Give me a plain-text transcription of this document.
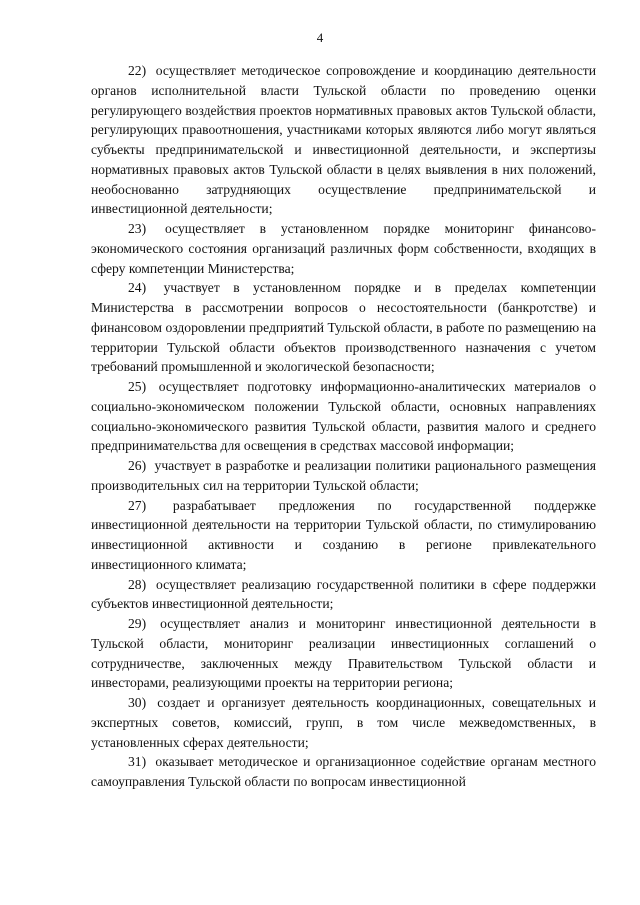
4

22) осуществляет методическое сопровождение и координацию деятельности органов исполнительной власти Тульской области по проведению оценки регулирующего воздействия проектов нормативных правовых актов Тульской области, регулирующих правоотношения, участниками которых являются либо могут являться субъекты предпринимательской и инвестиционной деятельности, и экспертизы нормативных правовых актов Тульской области в целях выявления в них положений, необоснованно затрудняющих осуществление предпринимательской и инвестиционной деятельности;

23) осуществляет в установленном порядке мониторинг финансово-экономического состояния организаций различных форм собственности, входящих в сферу компетенции Министерства;

24) участвует в установленном порядке и в пределах компетенции Министерства в рассмотрении вопросов о несостоятельности (банкротстве) и финансовом оздоровлении предприятий Тульской области, в работе по размещению на территории Тульской области объектов производственного назначения с учетом требований промышленной и экологической безопасности;

25) осуществляет подготовку информационно-аналитических материалов о социально-экономическом положении Тульской области, основных направлениях социально-экономического развития Тульской области, развития малого и среднего предпринимательства для освещения в средствах массовой информации;

26) участвует в разработке и реализации политики рационального размещения производительных сил на территории Тульской области;

27) разрабатывает предложения по государственной поддержке инвестиционной деятельности на территории Тульской области, по стимулированию инвестиционной активности и созданию в регионе привлекательного инвестиционного климата;

28) осуществляет реализацию государственной политики в сфере поддержки субъектов инвестиционной деятельности;

29) осуществляет анализ и мониторинг инвестиционной деятельности в Тульской области, мониторинг реализации инвестиционных соглашений о сотрудничестве, заключенных между Правительством Тульской области и инвесторами, реализующими проекты на территории региона;

30) создает и организует деятельность координационных, совещательных и экспертных советов, комиссий, групп, в том числе межведомственных, в установленных сферах деятельности;

31) оказывает методическое и организационное содействие органам местного самоуправления Тульской области по вопросам инвестиционной
